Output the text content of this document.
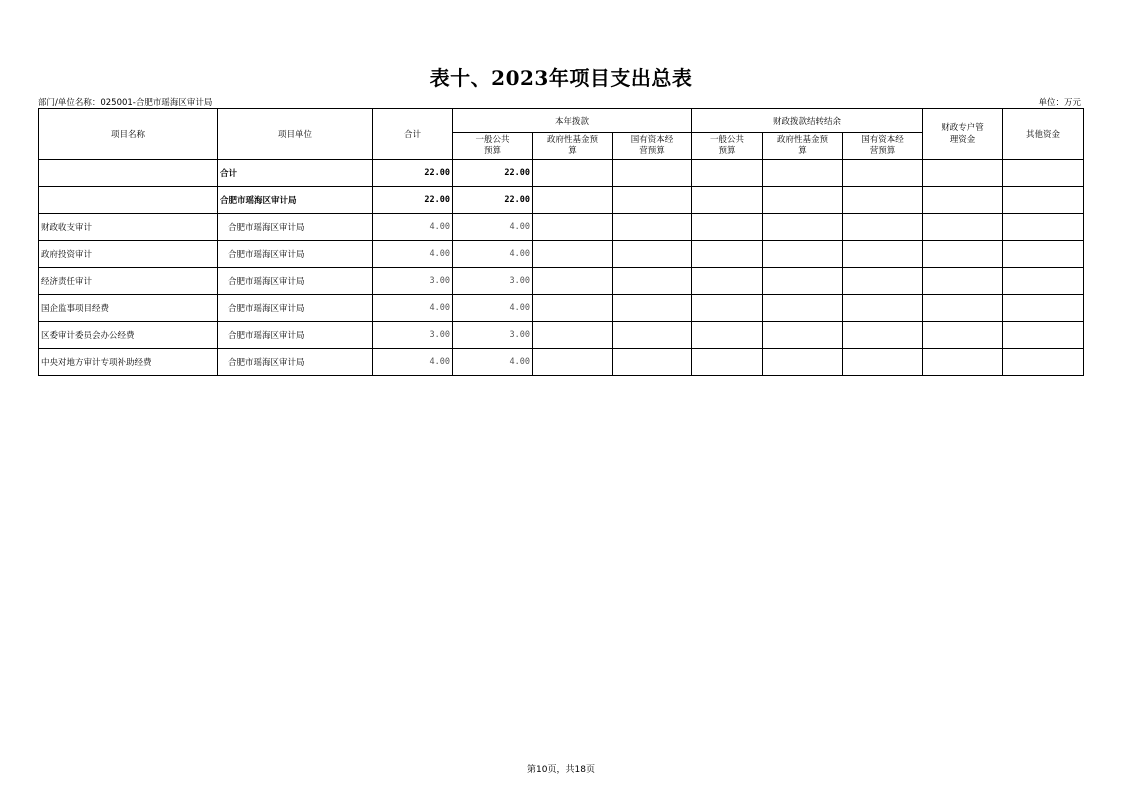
表十、2023年项目支出总表
部门/单位名称：025001-合肥市瑶海区审计局	单位：万元
项目名称	项目单位	合计	本年拨款			财政拨款结转结余			财政专户管理资金	其他资金
			一般公共预算	政府性基金预算	国有资本经营预算	一般公共预算	政府性基金预算	国有资本经营预算		
	合计	22.00	22.00							
	合肥市瑶海区审计局	22.00	22.00							
财政收支审计	合肥市瑶海区审计局	4.00	4.00							
政府投资审计	合肥市瑶海区审计局	4.00	4.00							
经济责任审计	合肥市瑶海区审计局	3.00	3.00							
国企监事项目经费	合肥市瑶海区审计局	4.00	4.00							
区委审计委员会办公经费	合肥市瑶海区审计局	3.00	3.00							
中央对地方审计专项补助经费	合肥市瑶海区审计局	4.00	4.00							
第10页，共18页
